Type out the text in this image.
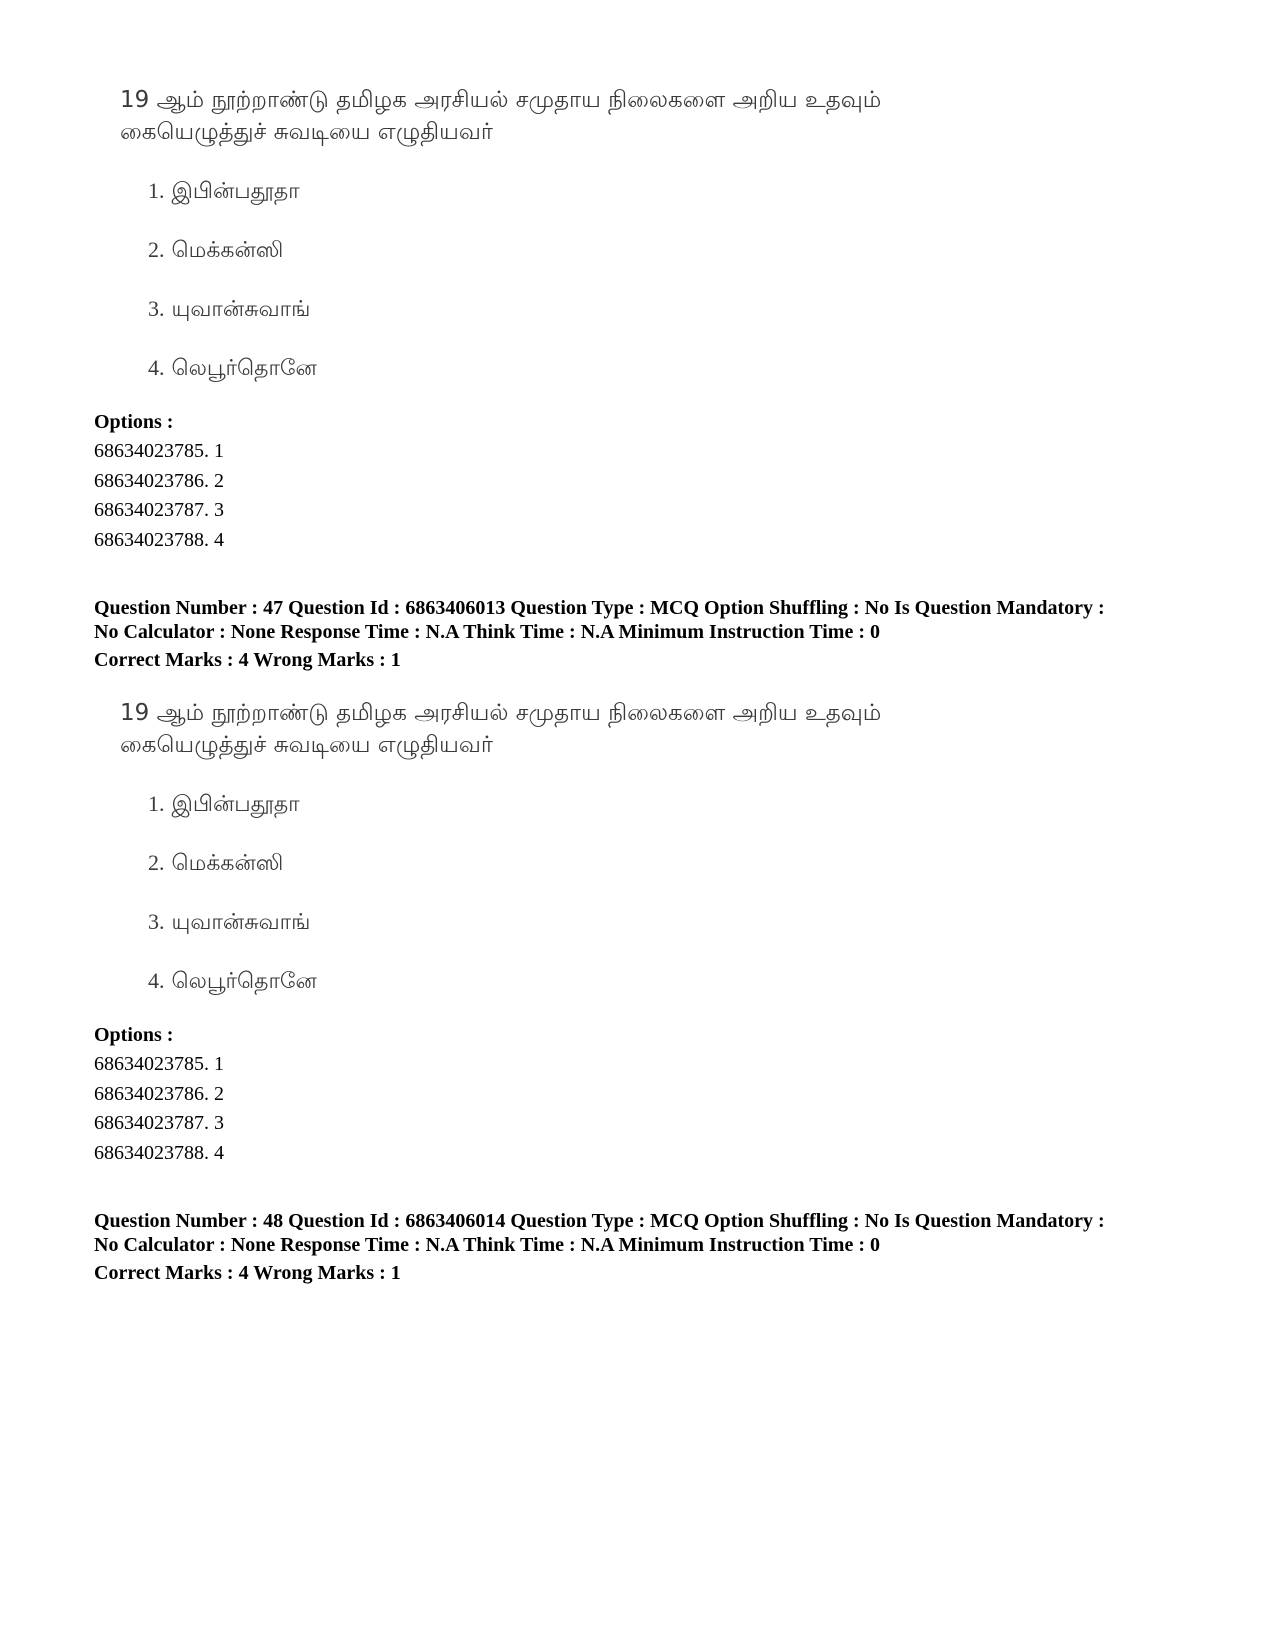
19 ஆம் நூற்றாண்டு தமிழக அரசியல் சமுதாய நிலைகளை அறிய உதவும்
கையெழுத்துச் சுவடியை எழுதியவர்
1. இபின்பதூதா
2. மெக்கன்ஸி
3. யுவான்சுவாங்
4. லெபூர்தொனே
Options :
68634023785. 1
68634023786. 2
68634023787. 3
68634023788. 4
Question Number : 47 Question Id : 6863406013 Question Type : MCQ Option Shuffling : No Is Question Mandatory :
No Calculator : None Response Time : N.A Think Time : N.A Minimum Instruction Time : 0
Correct Marks : 4 Wrong Marks : 1
19 ஆம் நூற்றாண்டு தமிழக அரசியல் சமுதாய நிலைகளை அறிய உதவும்
கையெழுத்துச் சுவடியை எழுதியவர்
1. இபின்பதூதா
2. மெக்கன்ஸி
3. யுவான்சுவாங்
4. லெபூர்தொனே
Options :
68634023785. 1
68634023786. 2
68634023787. 3
68634023788. 4
Question Number : 48 Question Id : 6863406014 Question Type : MCQ Option Shuffling : No Is Question Mandatory :
No Calculator : None Response Time : N.A Think Time : N.A Minimum Instruction Time : 0
Correct Marks : 4 Wrong Marks : 1
